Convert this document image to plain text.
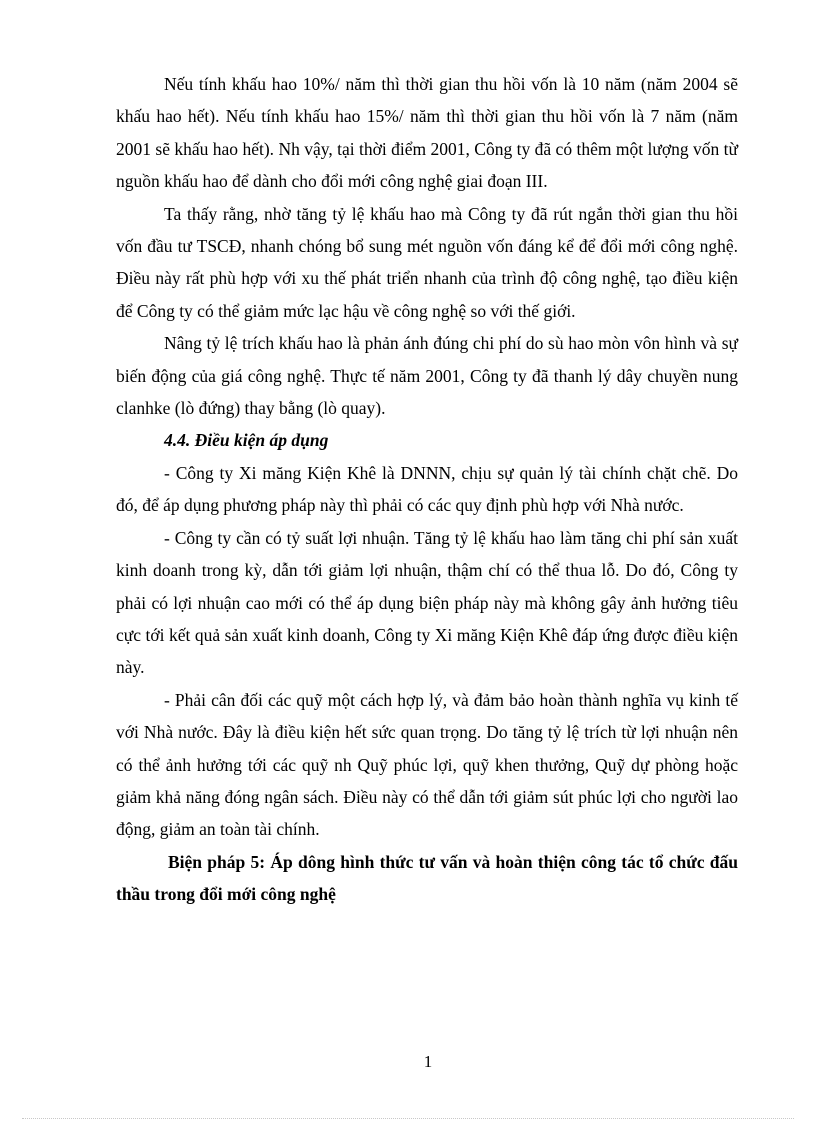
Nếu tính khấu hao 10%/ năm thì thời gian thu hồi vốn là 10 năm (năm 2004 sẽ khấu hao hết). Nếu tính khấu hao 15%/ năm thì thời gian thu hồi vốn là 7 năm (năm 2001 sẽ khấu hao hết). Nh vậy, tại thời điểm 2001, Công ty đã có thêm một lượng vốn từ nguồn khấu hao để dành cho đổi mới công nghệ giai đoạn III.

Ta thấy rằng, nhờ tăng tỷ lệ khấu hao mà Công ty đã rút ngắn thời gian thu hồi vốn đầu tư TSCĐ, nhanh chóng bổ sung mét nguồn vốn đáng kể để đổi mới công nghệ. Điều này rất phù hợp với xu thế phát triển nhanh của trình độ công nghệ, tạo điều kiện để Công ty có thể giảm mức lạc hậu về công nghệ so với thế giới.

Nâng tỷ lệ trích khấu hao là phản ánh đúng chi phí do sù hao mòn vôn hình và sự biến động của giá công nghệ. Thực tế năm 2001, Công ty đã thanh lý dây chuyền nung clanhke (lò đứng) thay bằng (lò quay).

4.4. Điều kiện áp dụng

- Công ty Xi măng Kiện Khê là DNNN, chịu sự quản lý tài chính chặt chẽ. Do đó, để áp dụng phương pháp này thì phải có các quy định phù hợp với Nhà nước.

- Công ty cần có tỷ suất lợi nhuận. Tăng tỷ lệ khấu hao làm tăng chi phí sản xuất kinh doanh trong kỳ, dẫn tới giảm lợi nhuận, thậm chí có thể thua lỗ. Do đó, Công ty phải có lợi nhuận cao mới có thể áp dụng biện pháp này mà không gây ảnh hưởng tiêu cực tới kết quả sản xuất kinh doanh, Công ty Xi măng Kiện Khê đáp ứng được điều kiện này.

- Phải cân đối các quỹ một cách hợp lý, và đảm bảo hoàn thành nghĩa vụ kinh tế với Nhà nước. Đây là điều kiện hết sức quan trọng. Do tăng tỷ lệ trích từ lợi nhuận nên có thể ảnh hưởng tới các quỹ nh Quỹ phúc lợi, quỹ khen thưởng, Quỹ dự phòng hoặc giảm khả năng đóng ngân sách. Điều này có thể dẫn tới giảm sút phúc lợi cho người lao động, giảm an toàn tài chính.

Biện pháp 5: Áp dông hình thức tư vấn và hoàn thiện công tác tổ chức đấu thầu trong đổi mới công nghệ

1
